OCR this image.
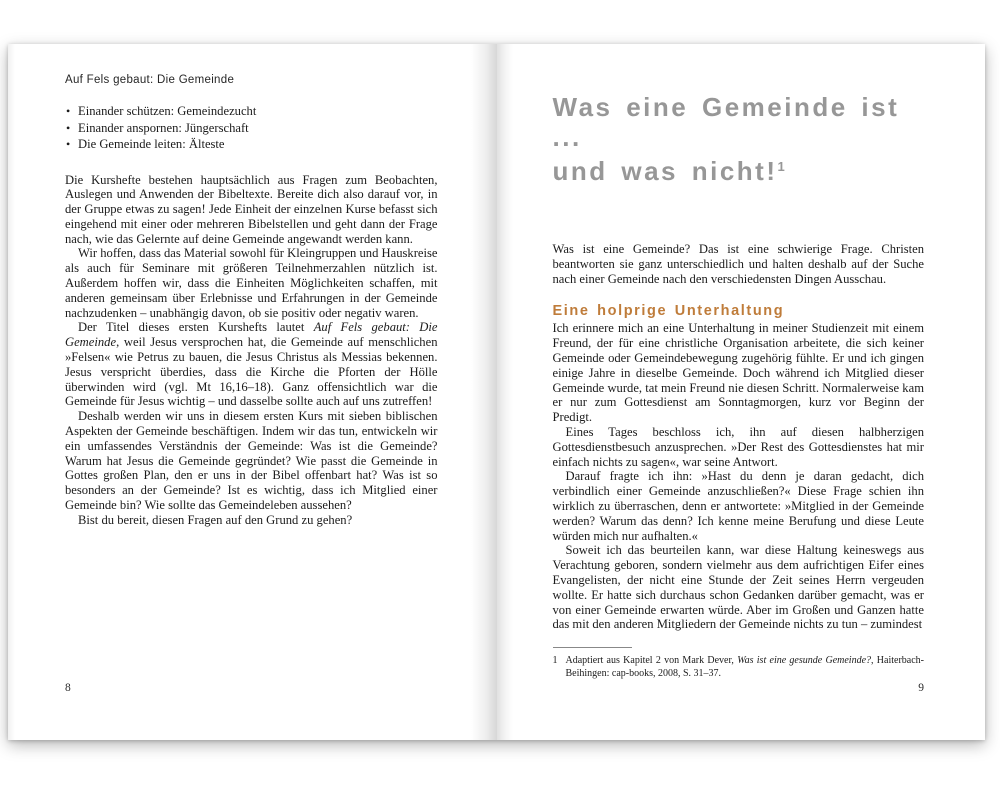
Auf Fels gebaut: Die Gemeinde
• Einander schützen: Gemeindezucht
• Einander anspornen: Jüngerschaft
• Die Gemeinde leiten: Älteste

Die Kurshefte bestehen hauptsächlich aus Fragen zum Beobachten, Auslegen und Anwenden der Bibeltexte. Bereite dich also darauf vor, in der Gruppe etwas zu sagen! Jede Einheit der einzelnen Kurse befasst sich eingehend mit einer oder mehreren Bibelstellen und geht dann der Frage nach, wie das Gelernte auf deine Gemeinde angewandt werden kann.

Wir hoffen, dass das Material sowohl für Kleingruppen und Hauskreise als auch für Seminare mit größeren Teilnehmerzahlen nützlich ist. Außerdem hoffen wir, dass die Einheiten Möglichkeiten schaffen, mit anderen gemeinsam über Erlebnisse und Erfahrungen in der Gemeinde nachzudenken – unabhängig davon, ob sie positiv oder negativ waren.

Der Titel dieses ersten Kurshefts lautet Auf Fels gebaut: Die Gemeinde, weil Jesus versprochen hat, die Gemeinde auf menschlichen »Felsen« wie Petrus zu bauen, die Jesus Christus als Messias bekennen. Jesus verspricht überdies, dass die Kirche die Pforten der Hölle überwinden wird (vgl. Mt 16,16–18). Ganz offensichtlich war die Gemeinde für Jesus wichtig – und dasselbe sollte auch auf uns zutreffen!

Deshalb werden wir uns in diesem ersten Kurs mit sieben biblischen Aspekten der Gemeinde beschäftigen. Indem wir das tun, entwickeln wir ein umfassendes Verständnis der Gemeinde: Was ist die Gemeinde? Warum hat Jesus die Gemeinde gegründet? Wie passt die Gemeinde in Gottes großen Plan, den er uns in der Bibel offenbart hat? Was ist so besonders an der Gemeinde? Ist es wichtig, dass ich Mitglied einer Gemeinde bin? Wie sollte das Gemeindeleben aussehen?

Bist du bereit, diesen Fragen auf den Grund zu gehen?

8
Was eine Gemeinde ist ...
und was nicht!$^1$

Was ist eine Gemeinde? Das ist eine schwierige Frage. Christen beantworten sie ganz unterschiedlich und halten deshalb auf der Suche nach einer Gemeinde nach den verschiedensten Dingen Ausschau.

Eine holprige Unterhaltung

Ich erinnere mich an eine Unterhaltung in meiner Studienzeit mit einem Freund, der für eine christliche Organisation arbeitete, die sich keiner Gemeinde oder Gemeindebewegung zugehörig fühlte. Er und ich gingen einige Jahre in dieselbe Gemeinde. Doch während ich Mitglied dieser Gemeinde wurde, tat mein Freund nie diesen Schritt. Normalerweise kam er nur zum Gottesdienst am Sonntagmorgen, kurz vor Beginn der Predigt.

Eines Tages beschloss ich, ihn auf diesen halbherzigen Gottesdienstbesuch anzusprechen. »Der Rest des Gottesdienstes hat mir einfach nichts zu sagen«, war seine Antwort.

Darauf fragte ich ihn: »Hast du denn je daran gedacht, dich verbindlich einer Gemeinde anzuschließen?« Diese Frage schien ihn wirklich zu überraschen, denn er antwortete: »Mitglied in der Gemeinde werden? Warum das denn? Ich kenne meine Berufung und diese Leute würden mich nur aufhalten.«

Soweit ich das beurteilen kann, war diese Haltung keineswegs aus Verachtung geboren, sondern vielmehr aus dem aufrichtigen Eifer eines Evangelisten, der nicht eine Stunde der Zeit seines Herrn vergeuden wollte. Er hatte sich durchaus schon Gedanken darüber gemacht, was er von einer Gemeinde erwarten würde. Aber im Großen und Ganzen hatte das mit den anderen Mitgliedern der Gemeinde nichts zu tun – zumindest

1 Adaptiert aus Kapitel 2 von Mark Dever, Was ist eine gesunde Gemeinde?, Haiterbach-Beihingen: cap-books, 2008, S. 31–37.
9
